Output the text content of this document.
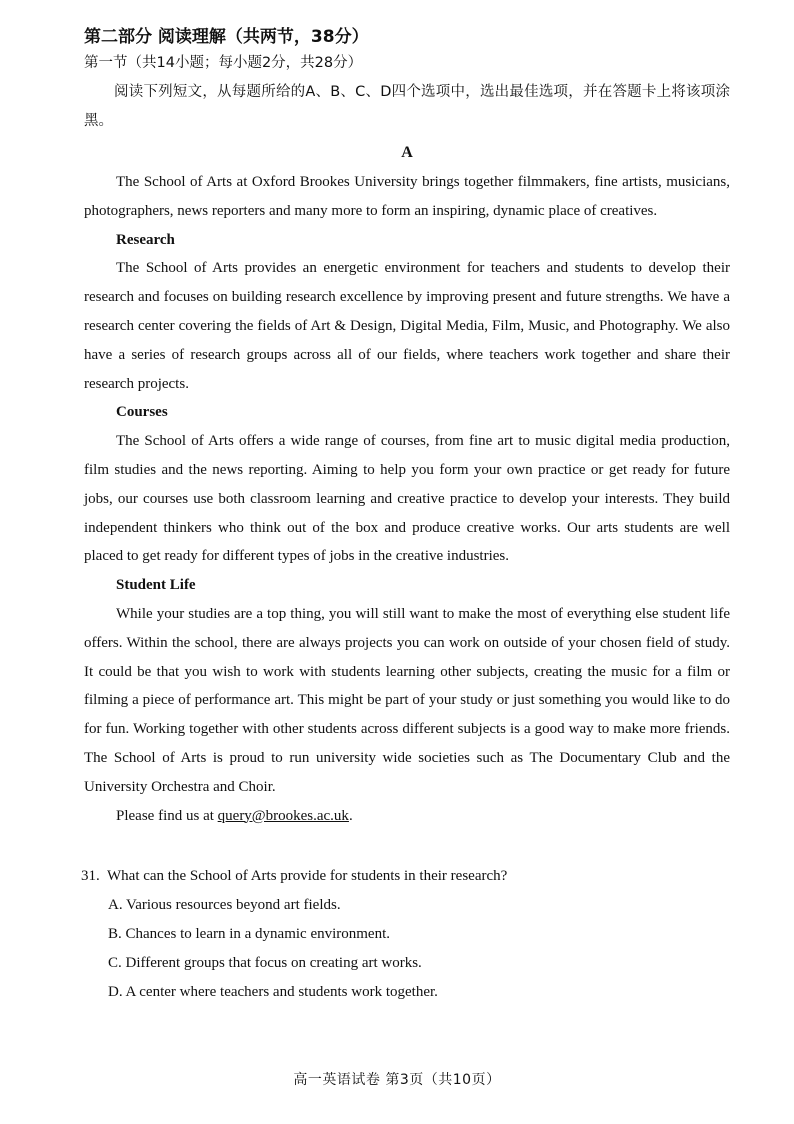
第二部分 阅读理解（共两节，38分）

第一节（共14小题；每小题2分，共28分）

阅读下列短文，从每题所给的A、B、C、D四个选项中，选出最佳选项，并在答题卡上将该项涂黑。

A

The School of Arts at Oxford Brookes University brings together filmmakers, fine artists, musicians, photographers, news reporters and many more to form an inspiring, dynamic place of creatives.

Research

The School of Arts provides an energetic environment for teachers and students to develop their research and focuses on building research excellence by improving present and future strengths. We have a research center covering the fields of Art & Design, Digital Media, Film, Music, and Photography. We also have a series of research groups across all of our fields, where teachers work together and share their research projects.

Courses

The School of Arts offers a wide range of courses, from fine art to music digital media production, film studies and the news reporting. Aiming to help you form your own practice or get ready for future jobs, our courses use both classroom learning and creative practice to develop your interests. They build independent thinkers who think out of the box and produce creative works. Our arts students are well placed to get ready for different types of jobs in the creative industries.

Student Life

While your studies are a top thing, you will still want to make the most of everything else student life offers. Within the school, there are always projects you can work on outside of your chosen field of study. It could be that you wish to work with students learning other subjects, creating the music for a film or filming a piece of performance art. This might be part of your study or just something you would like to do for fun. Working together with other students across different subjects is a good way to make more friends. The School of Arts is proud to run university wide societies such as The Documentary Club and the University Orchestra and Choir.

Please find us at query@brookes.ac.uk.

31. What can the School of Arts provide for students in their research?

A. Various resources beyond art fields.
B. Chances to learn in a dynamic environment.
C. Different groups that focus on creating art works.
D. A center where teachers and students work together.
高一英语试卷 第3页（共10页）
